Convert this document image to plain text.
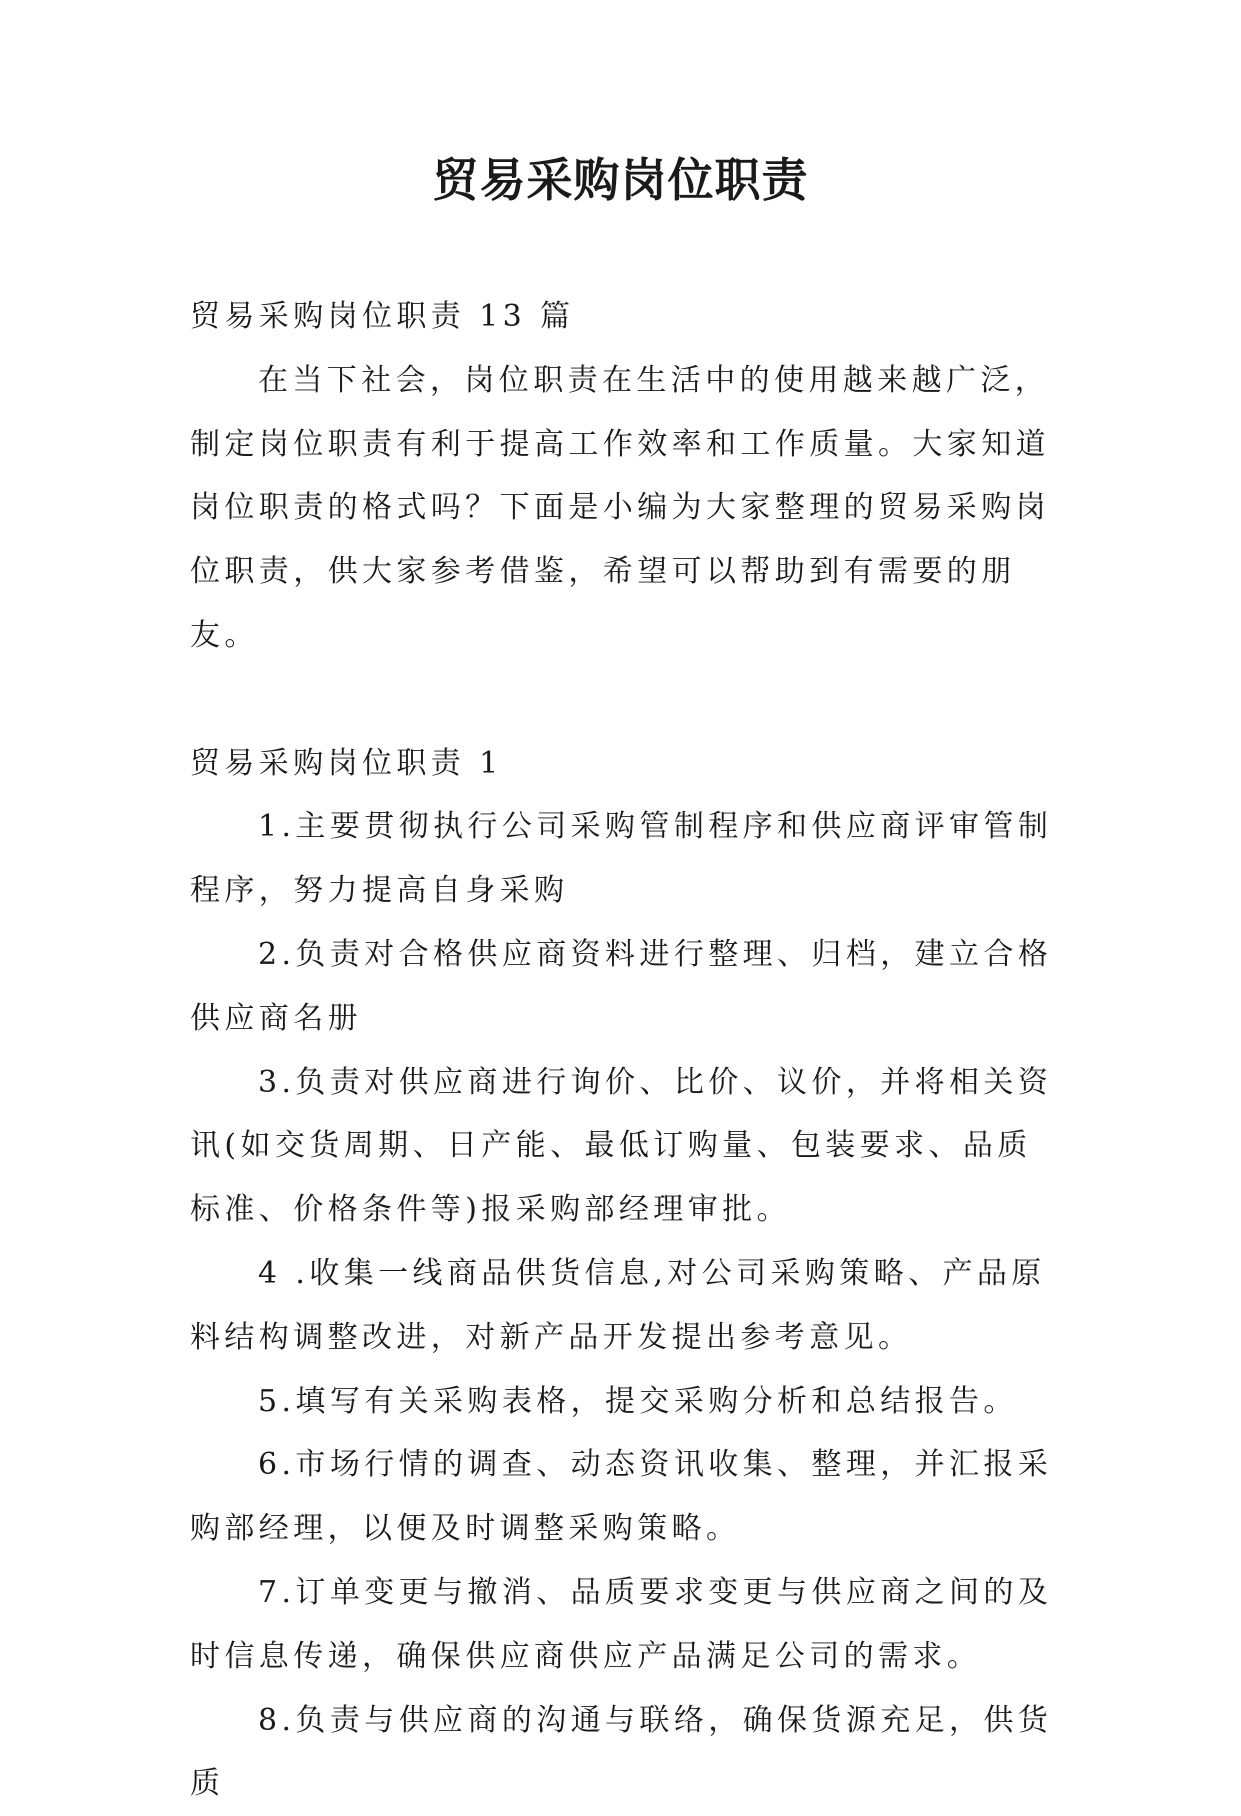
贸易采购岗位职责

贸易采购岗位职责 13 篇

在当下社会，岗位职责在生活中的使用越来越广泛，制定岗位职责有利于提高工作效率和工作质量。大家知道岗位职责的格式吗？下面是小编为大家整理的贸易采购岗位职责，供大家参考借鉴，希望可以帮助到有需要的朋友。

贸易采购岗位职责 1

1.主要贯彻执行公司采购管制程序和供应商评审管制程序，努力提高自身采购

2.负责对合格供应商资料进行整理、归档，建立合格供应商名册

3.负责对供应商进行询价、比价、议价，并将相关资讯(如交货周期、日产能、最低订购量、包装要求、品质标准、价格条件等)报采购部经理审批。

4 .收集一线商品供货信息,对公司采购策略、产品原料结构调整改进，对新产品开发提出参考意见。

5.填写有关采购表格，提交采购分析和总结报告。

6.市场行情的调查、动态资讯收集、整理，并汇报采购部经理，以便及时调整采购策略。

7.订单变更与撤消、品质要求变更与供应商之间的及时信息传递，确保供应商供应产品满足公司的需求。

8.负责与供应商的沟通与联络，确保货源充足，供货质
